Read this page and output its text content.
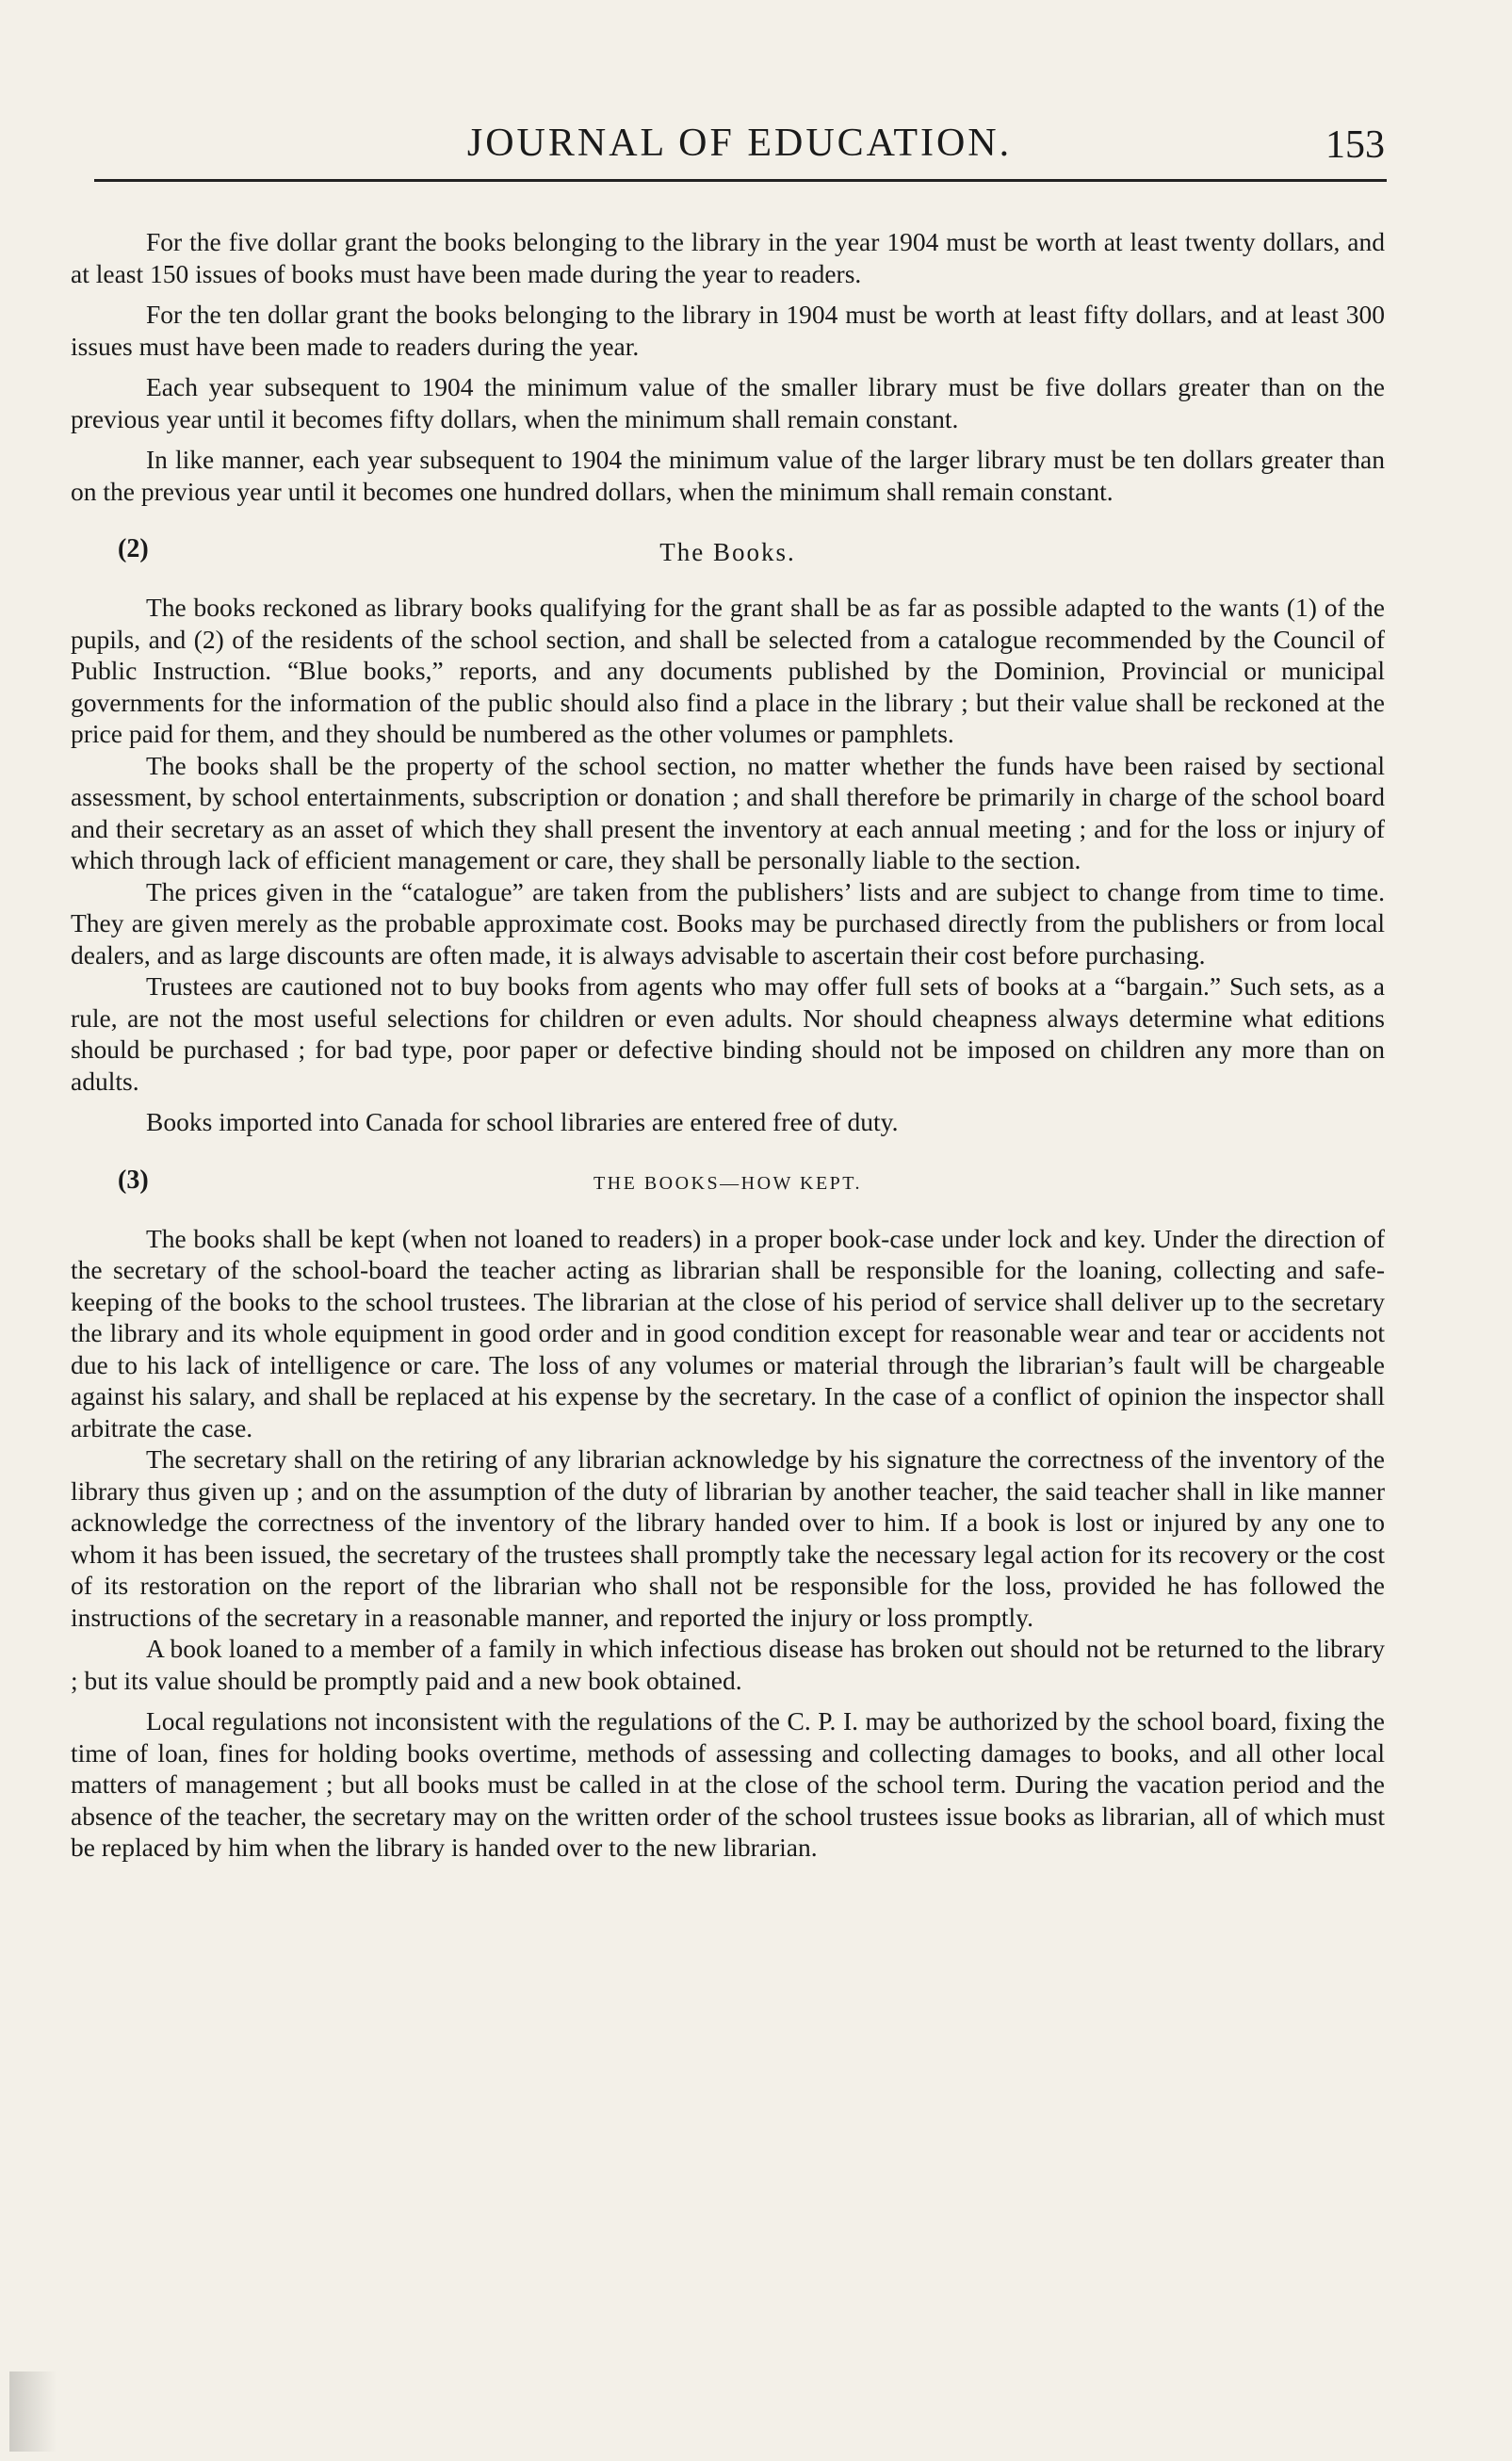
JOURNAL OF EDUCATION.	153

For the five dollar grant the books belonging to the library in the year 1904 must be worth at least twenty dollars, and at least 150 issues of books must have been made during the year to readers.

For the ten dollar grant the books belonging to the library in 1904 must be worth at least fifty dollars, and at least 300 issues must have been made to readers during the year.

Each year subsequent to 1904 the minimum value of the smaller library must be five dollars greater than on the previous year until it becomes fifty dollars, when the minimum shall remain constant.

In like manner, each year subsequent to 1904 the minimum value of the larger library must be ten dollars greater than on the previous year until it becomes one hundred dollars, when the minimum shall remain constant.

(2)	The Books.

The books reckoned as library books qualifying for the grant shall be as far as possible adapted to the wants (1) of the pupils, and (2) of the residents of the school section, and shall be selected from a catalogue recommended by the Council of Public Instruction. “Blue books,” reports, and any documents published by the Dominion, Provincial or municipal governments for the information of the public should also find a place in the library ; but their value shall be reckoned at the price paid for them, and they should be numbered as the other volumes or pamphlets.

The books shall be the property of the school section, no matter whether the funds have been raised by sectional assessment, by school entertainments, subscription or donation ; and shall therefore be primarily in charge of the school board and their secretary as an asset of which they shall present the inventory at each annual meeting ; and for the loss or injury of which through lack of efficient management or care, they shall be personally liable to the section.

The prices given in the “catalogue” are taken from the publishers’ lists and are subject to change from time to time. They are given merely as the probable approximate cost. Books may be purchased directly from the publishers or from local dealers, and as large discounts are often made, it is always advisable to ascertain their cost before purchasing.

Trustees are cautioned not to buy books from agents who may offer full sets of books at a “bargain.” Such sets, as a rule, are not the most useful selections for children or even adults. Nor should cheapness always determine what editions should be purchased ; for bad type, poor paper or defective binding should not be imposed on children any more than on adults.

Books imported into Canada for school libraries are entered free of duty.

(3)	THE BOOKS—HOW KEPT.

The books shall be kept (when not loaned to readers) in a proper book-case under lock and key. Under the direction of the secretary of the school-board the teacher acting as librarian shall be responsible for the loaning, collecting and safe-keeping of the books to the school trustees. The librarian at the close of his period of service shall deliver up to the secretary the library and its whole equipment in good order and in good condition except for reasonable wear and tear or accidents not due to his lack of intelligence or care. The loss of any volumes or material through the librarian’s fault will be chargeable against his salary, and shall be replaced at his expense by the secretary. In the case of a conflict of opinion the inspector shall arbitrate the case.

The secretary shall on the retiring of any librarian acknowledge by his signature the correctness of the inventory of the library thus given up ; and on the assumption of the duty of librarian by another teacher, the said teacher shall in like manner acknowledge the correctness of the inventory of the library handed over to him. If a book is lost or injured by any one to whom it has been issued, the secretary of the trustees shall promptly take the necessary legal action for its recovery or the cost of its restoration on the report of the librarian who shall not be responsible for the loss, provided he has followed the instructions of the secretary in a reasonable manner, and reported the injury or loss promptly.

A book loaned to a member of a family in which infectious disease has broken out should not be returned to the library ; but its value should be promptly paid and a new book obtained.

Local regulations not inconsistent with the regulations of the C. P. I. may be authorized by the school board, fixing the time of loan, fines for holding books overtime, methods of assessing and collecting damages to books, and all other local matters of management ; but all books must be called in at the close of the school term. During the vacation period and the absence of the teacher, the secretary may on the written order of the school trustees issue books as librarian, all of which must be replaced by him when the library is handed over to the new librarian.
